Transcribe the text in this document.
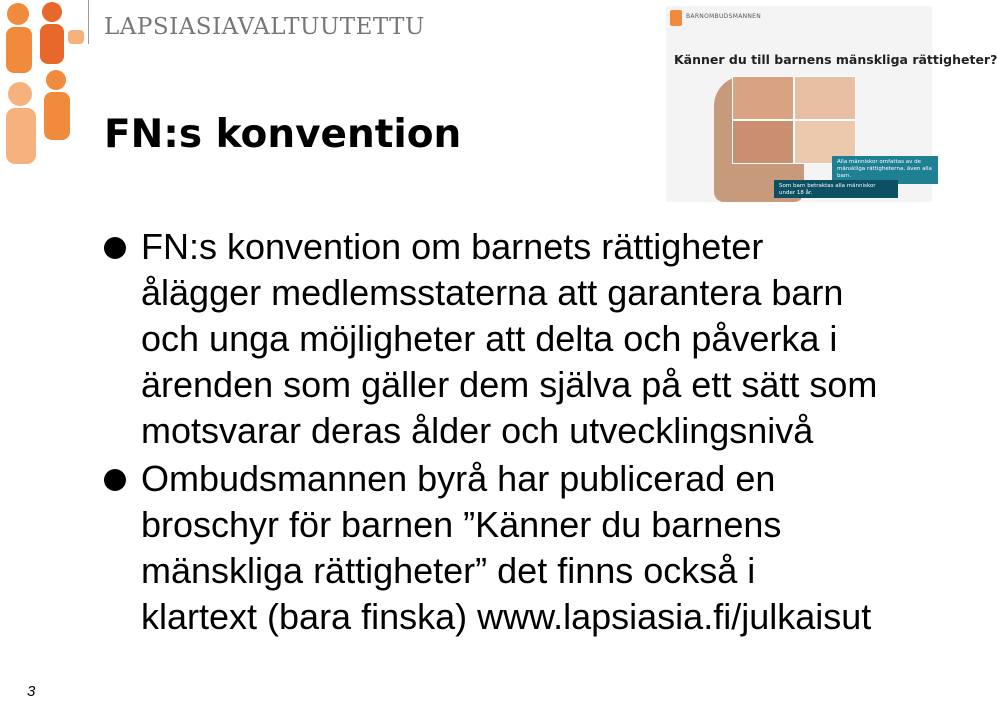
LAPSIASIAVALTUUTETTU
FN:s konvention
BARNOMBUDSMANNEN
Känner du till barnens mänskliga rättigheter?
Alla människor omfattas av de mänskliga rättigheterna, även alla barn.
Som barn betraktas alla människor under 18 år.
FN:s konvention om barnets rättigheter
ålägger medlemsstaterna att garantera barn
och unga möjligheter att delta och påverka i
ärenden som gäller dem själva på ett sätt som
motsvarar deras ålder och utvecklingsnivå
Ombudsmannen byrå har publicerad en
broschyr för barnen ”Känner du barnens
mänskliga rättigheter” det finns också i
klartext (bara finska) www.lapsiasia.fi/julkaisut
3
